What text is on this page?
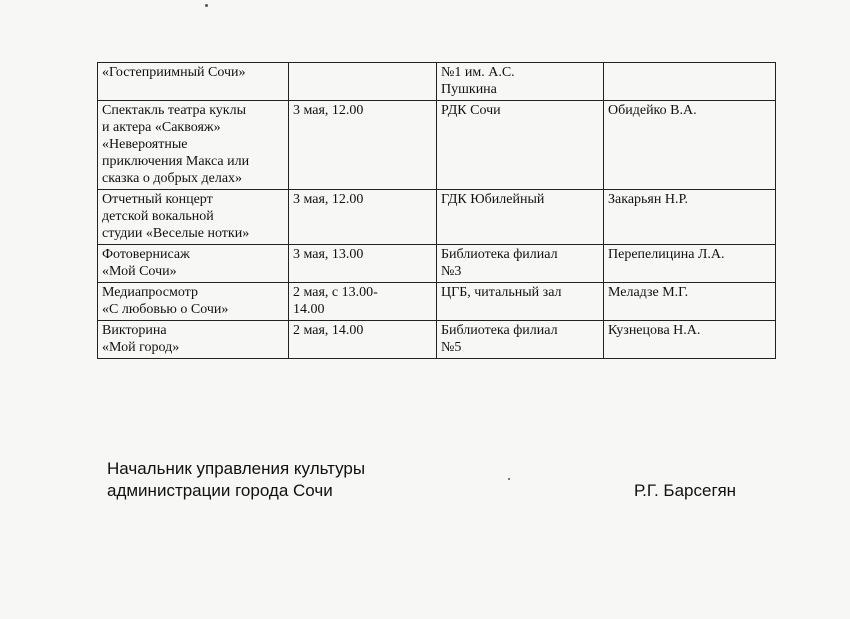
«Гостеприимный Сочи»		№1 им. А.С.
Пушкина	

Спектакль театра куклы
и актера «Саквояж»
«Невероятные
приключения Макса или
сказка о добрых делах»	3 мая, 12.00	РДК Сочи	Обидейко В.А.

Отчетный концерт
детской вокальной
студии «Веселые нотки»	3 мая, 12.00	ГДК Юбилейный	Закарьян Н.Р.

Фотовернисаж
«Мой Сочи»	3 мая, 13.00	Библиотека филиал
№3	Перепелицина Л.А.

Медиапросмотр
«С любовью о Сочи»	2 мая, с 13.00-
14.00	ЦГБ, читальный зал	Меладзе М.Г.

Викторина
«Мой город»	2 мая, 14.00	Библиотека филиал
№5	Кузнецова Н.А.
Начальник управления культуры
администрации города Сочи	Р.Г. Барсегян
